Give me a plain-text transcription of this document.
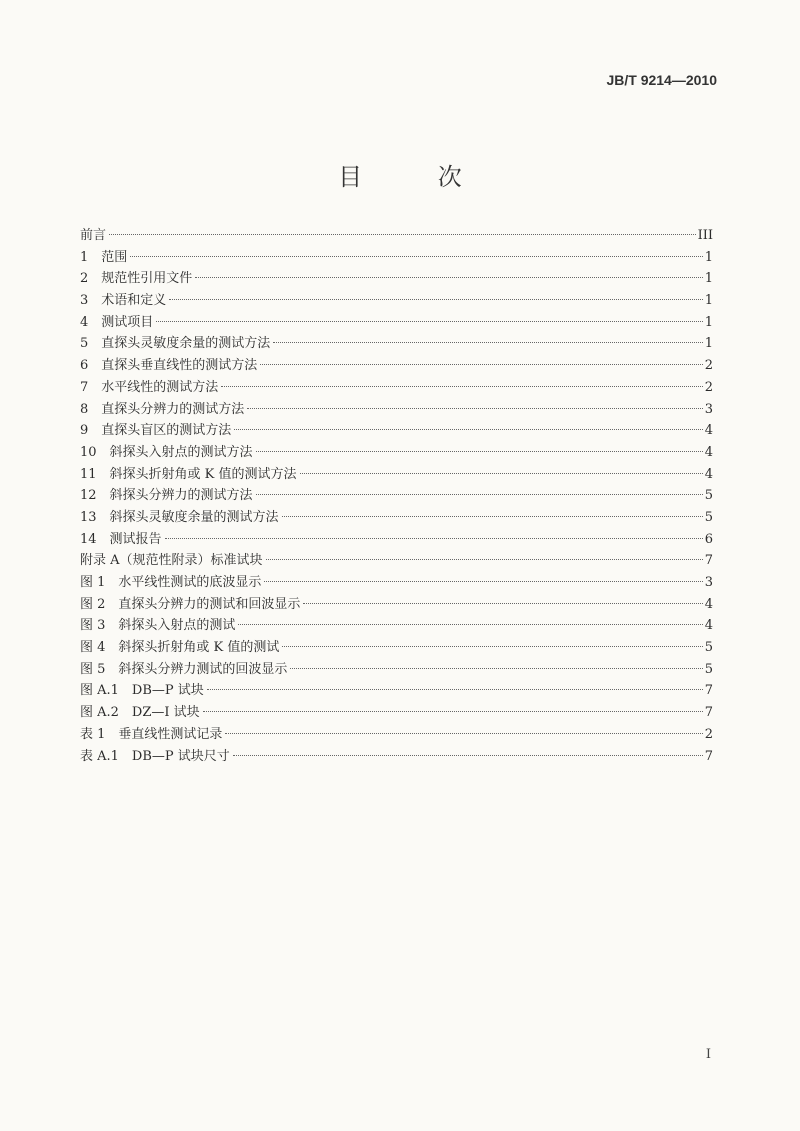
JB/T 9214—2010
目 次
前言	III
1　范围	1
2　规范性引用文件	1
3　术语和定义	1
4　测试项目	1
5　直探头灵敏度余量的测试方法	1
6　直探头垂直线性的测试方法	2
7　水平线性的测试方法	2
8　直探头分辨力的测试方法	3
9　直探头盲区的测试方法	4
10　斜探头入射点的测试方法	4
11　斜探头折射角或 K 值的测试方法	4
12　斜探头分辨力的测试方法	5
13　斜探头灵敏度余量的测试方法	5
14　测试报告	6
附录 A（规范性附录）标准试块	7
图 1　水平线性测试的底波显示	3
图 2　直探头分辨力的测试和回波显示	4
图 3　斜探头入射点的测试	4
图 4　斜探头折射角或 K 值的测试	5
图 5　斜探头分辨力测试的回波显示	5
图 A.1　DB—P 试块	7
图 A.2　DZ—I 试块	7
表 1　垂直线性测试记录	2
表 A.1　DB—P 试块尺寸	7
I
